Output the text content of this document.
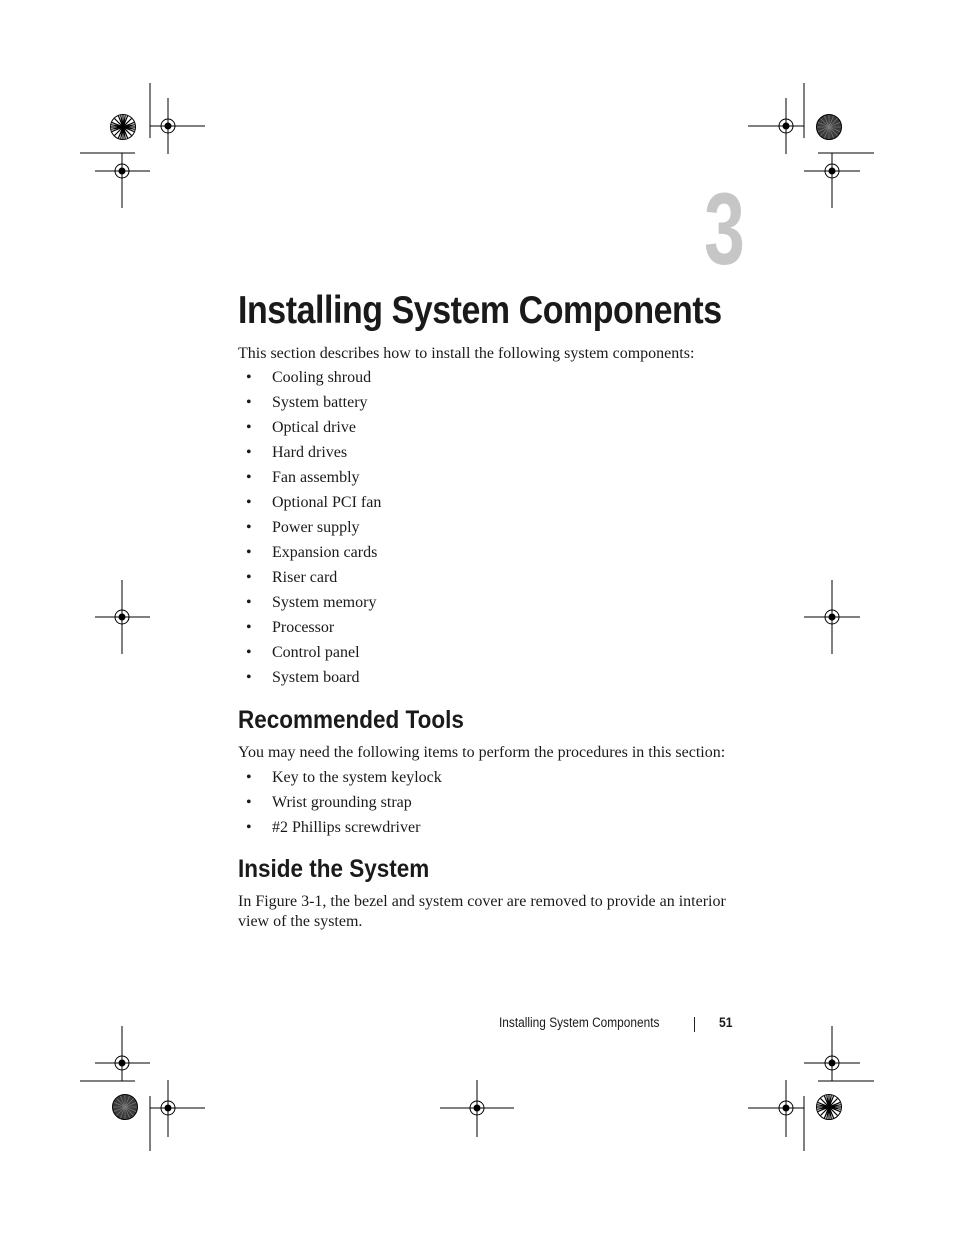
3
Installing System Components

This section describes how to install the following system components:

• Cooling shroud
• System battery
• Optical drive
• Hard drives
• Fan assembly
• Optional PCI fan
• Power supply
• Expansion cards
• Riser card
• System memory
• Processor
• Control panel
• System board
Recommended Tools

You may need the following items to perform the procedures in this section:

• Key to the system keylock
• Wrist grounding strap
• #2 Phillips screwdriver
Inside the System

In Figure 3-1, the bezel and system cover are removed to provide an interior view of the system.

Installing System Components	51
